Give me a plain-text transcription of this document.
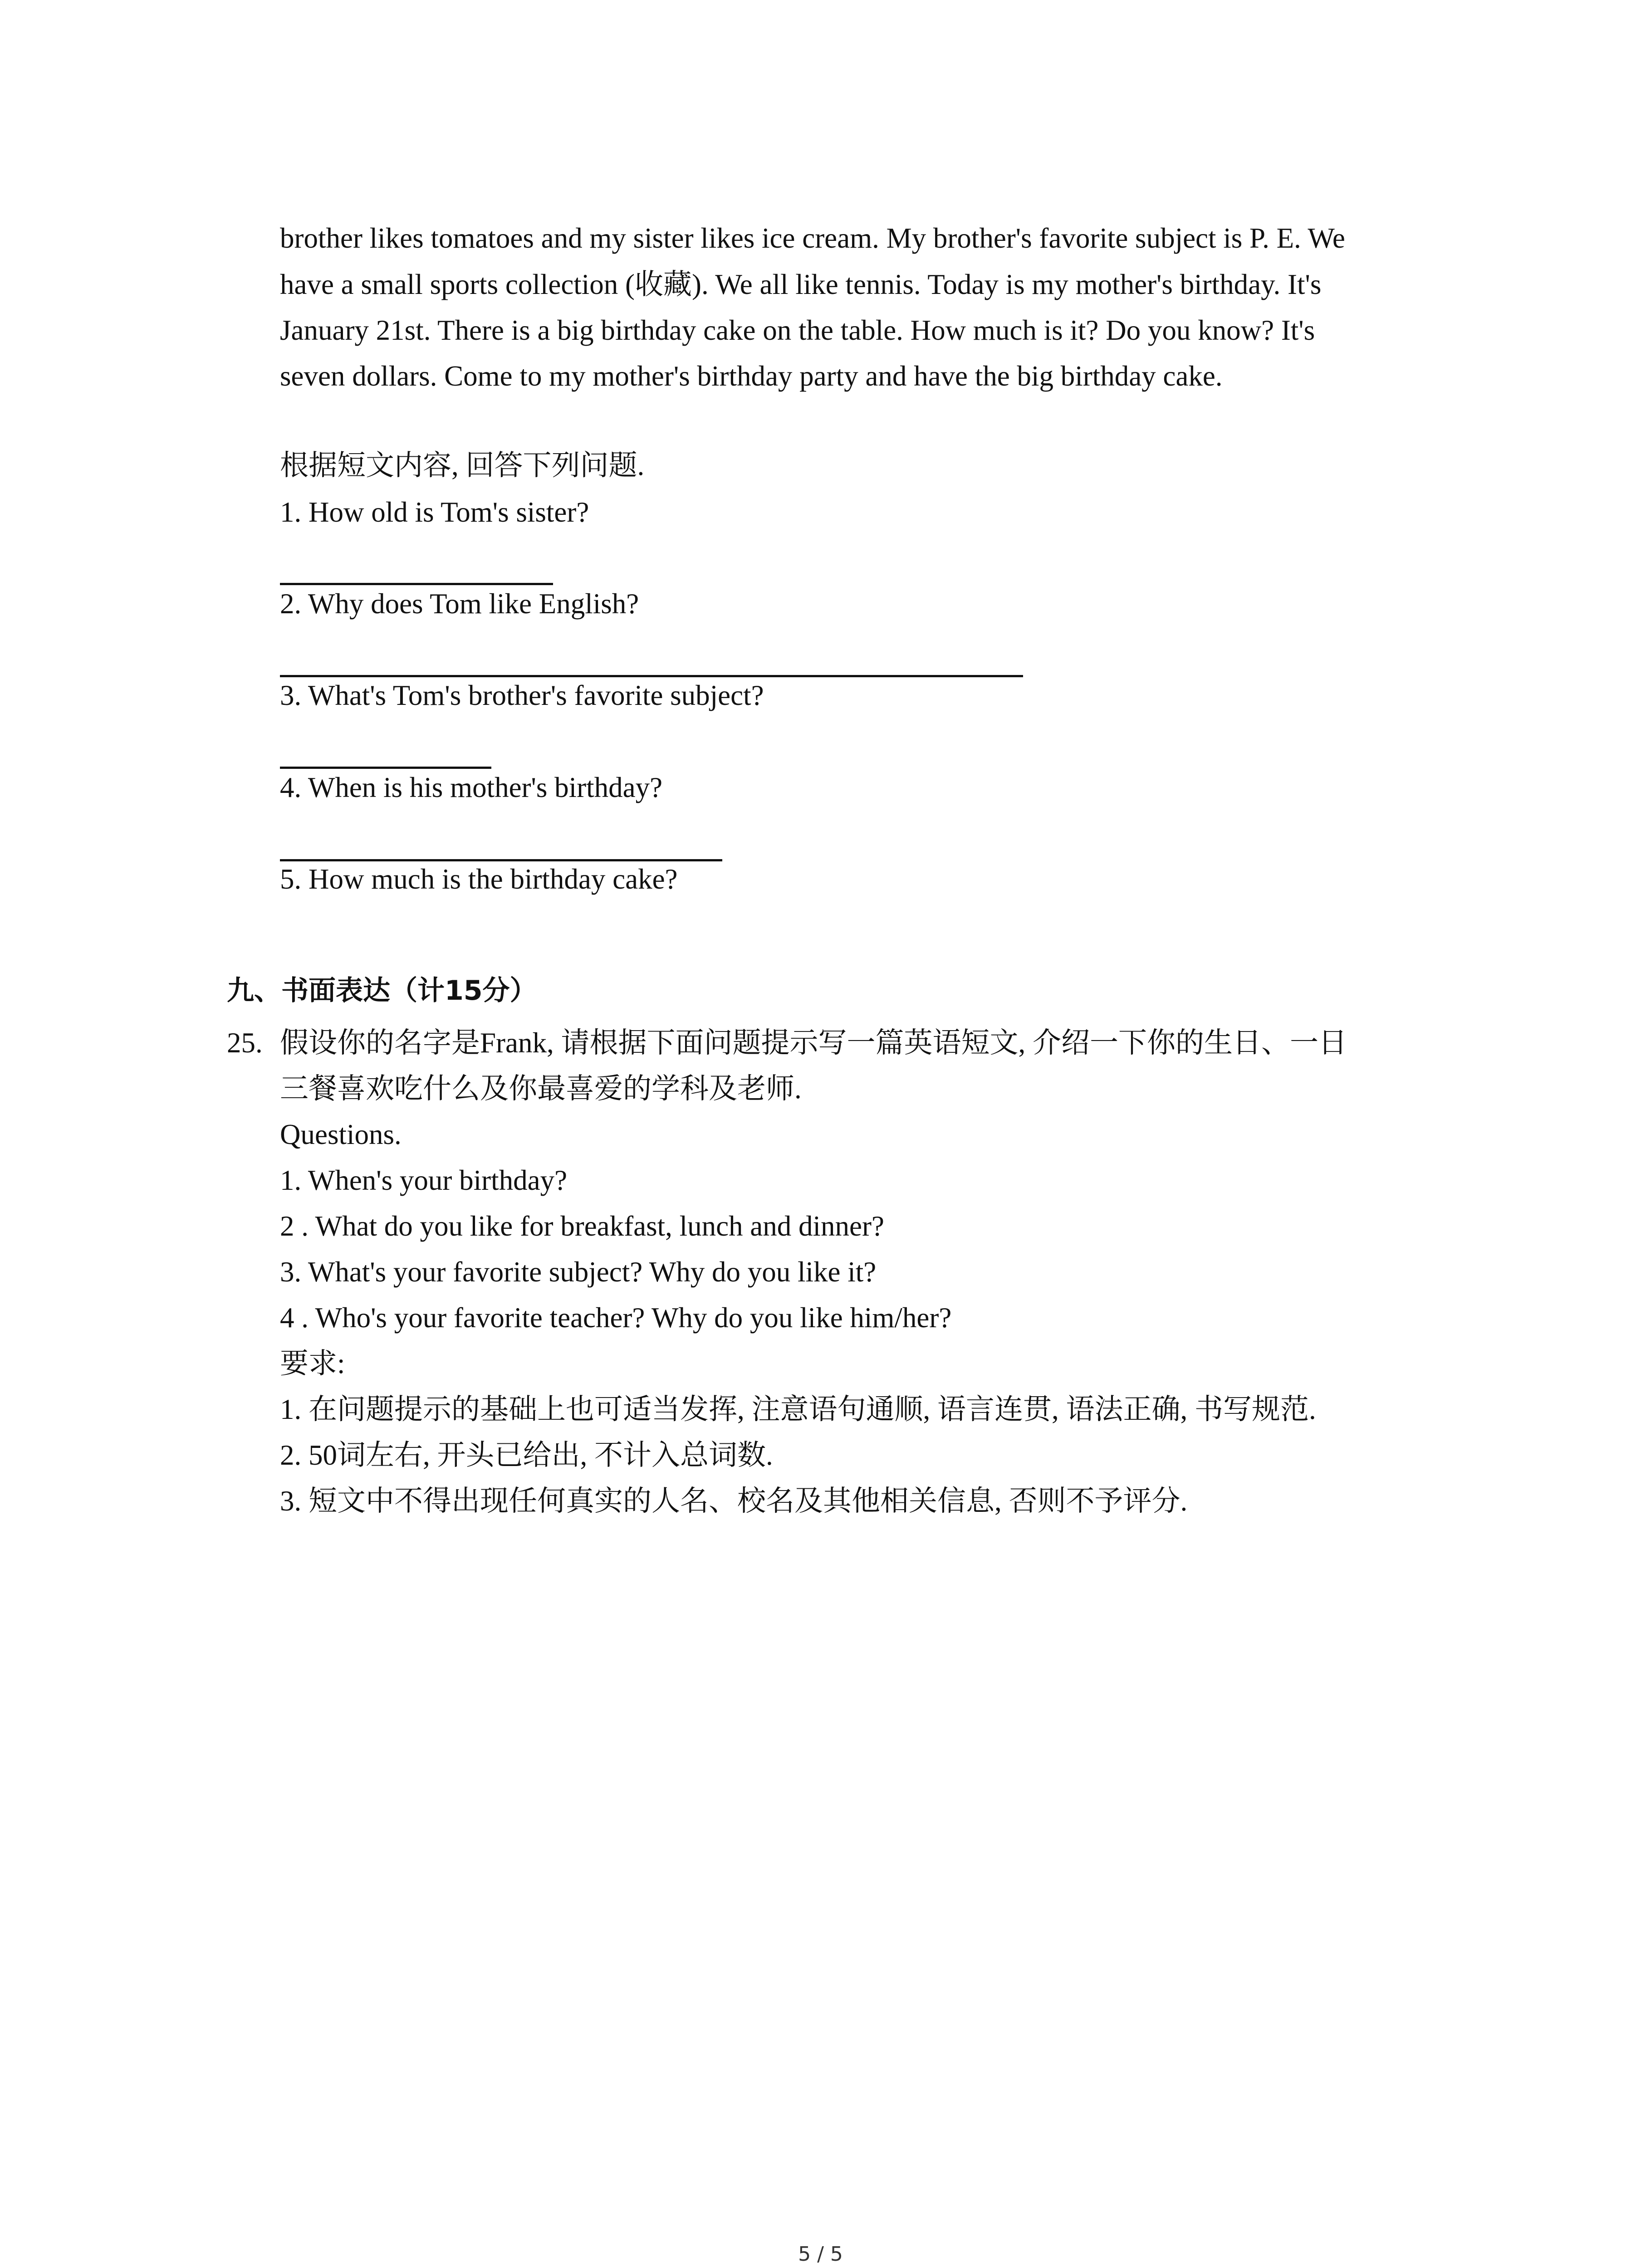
brother likes tomatoes and my sister likes ice cream. My brother's favorite subject is P. E. We
have a small sports collection (收藏). We all like tennis. Today is my mother's birthday. It's
January 21st. There is a big birthday cake on the table. How much is it? Do you know? It's
seven dollars. Come to my mother's birthday party and have the big birthday cake.
根据短文内容, 回答下列问题.
1. How old is Tom's sister?
2. Why does Tom like English?
3. What's Tom's brother's favorite subject?
4. When is his mother's birthday?
5. How much is the birthday cake?
九、书面表达（计15分）
25. 假设你的名字是Frank, 请根据下面问题提示写一篇英语短文, 介绍一下你的生日、一日
三餐喜欢吃什么及你最喜爱的学科及老师.
Questions.
1. When's your birthday?
2 . What do you like for breakfast, lunch and dinner?
3. What's your favorite subject? Why do you like it?
4 . Who's your favorite teacher? Why do you like him/her?
要求:
1. 在问题提示的基础上也可适当发挥, 注意语句通顺, 语言连贯, 语法正确, 书写规范.
2. 50词左右, 开头已给出, 不计入总词数.
3. 短文中不得出现任何真实的人名、校名及其他相关信息, 否则不予评分.
5 / 5
